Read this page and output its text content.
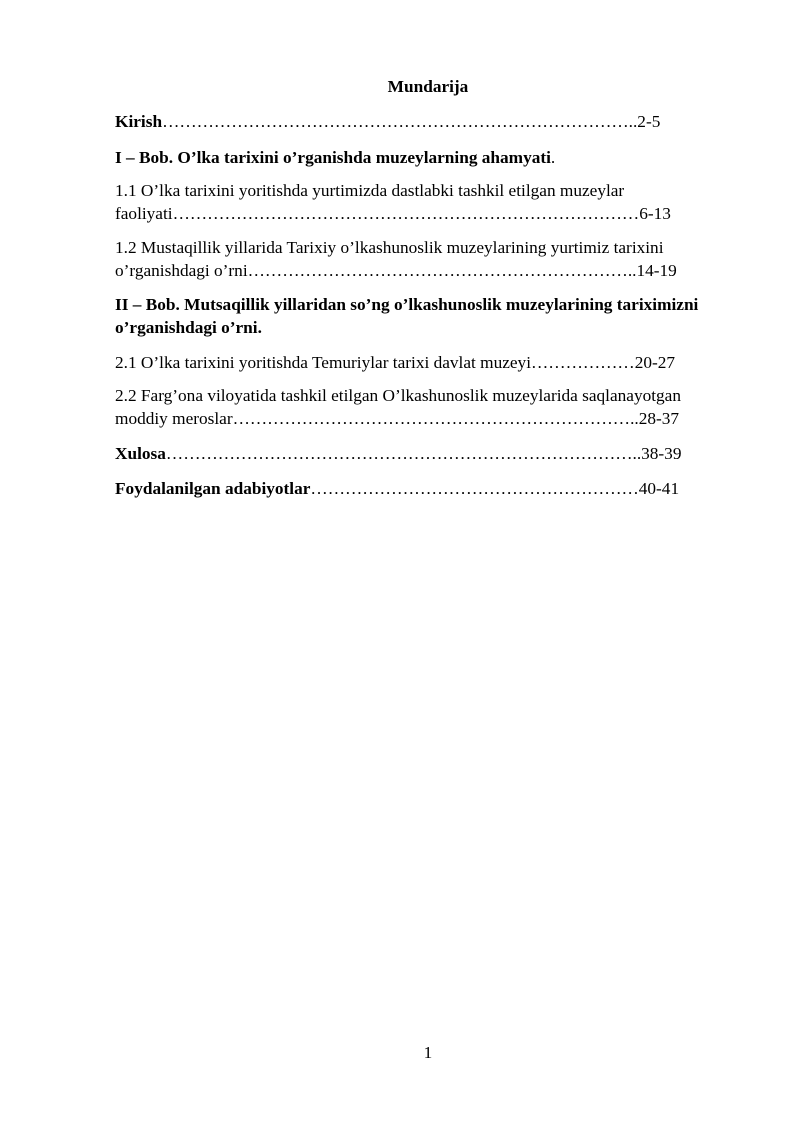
Mundarija

Kirish………………………………………………………………………..2-5

I – Bob. O’lka tarixini o’rganishda muzeylarning ahamyati.

1.1 O’lka tarixini yoritishda yurtimizda dastlabki tashkil etilgan muzeylar

faoliyati………………………………………………………………………6-13

1.2 Mustaqillik yillarida Tarixiy o’lkashunoslik muzeylarining yurtimiz tarixini

o’rganishdagi o’rni…………………………………………………………..14-19

II – Bob. Mutsaqillik yillaridan so’ng o’lkashunoslik muzeylarining tariximizni

o’rganishdagi o’rni.

2.1 O’lka tarixini yoritishda Temuriylar tarixi davlat muzeyi………………20-27

2.2 Farg’ona viloyatida tashkil etilgan O’lkashunoslik muzeylarida saqlanayotgan

moddiy meroslar……………………………………………………………..28-37

Xulosa………………………………………………………………………..38-39

Foydalanilgan adabiyotlar…………………………………………………40-41

1
